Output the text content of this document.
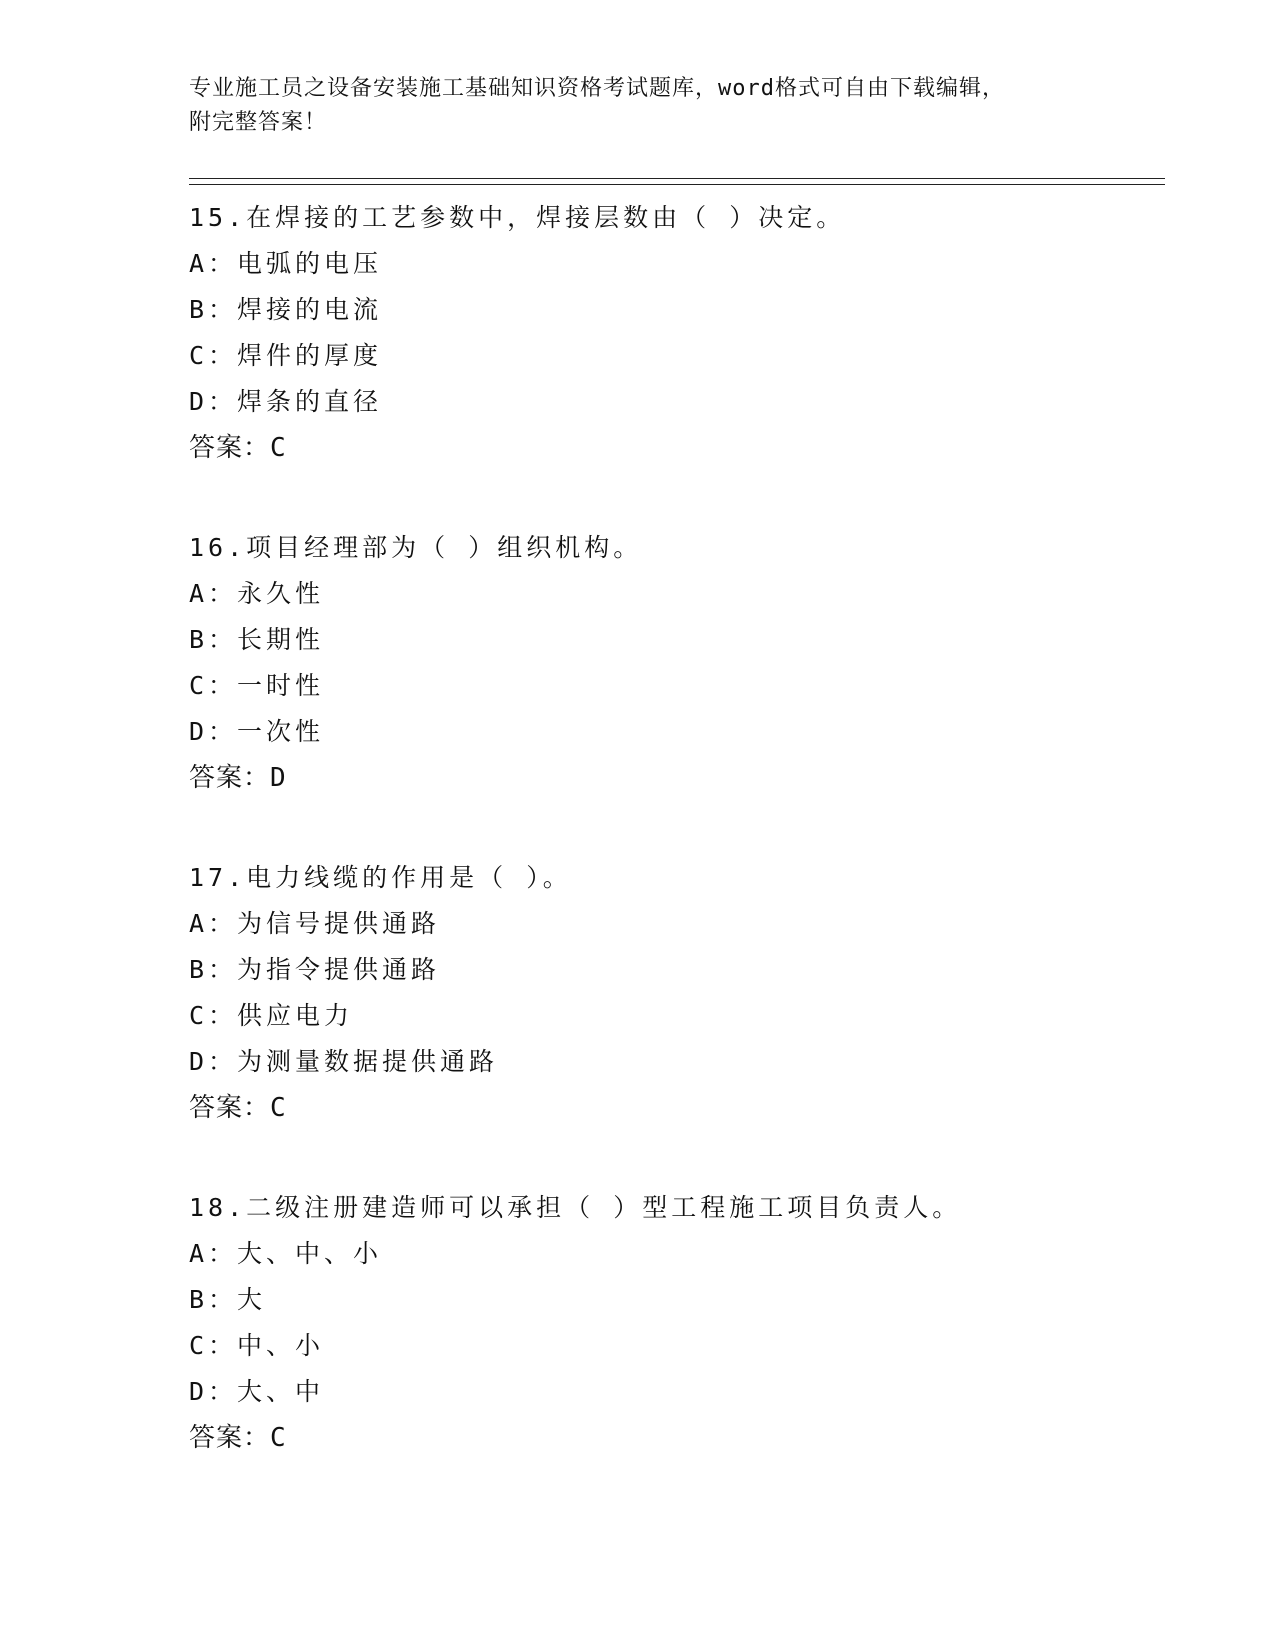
专业施工员之设备安装施工基础知识资格考试题库，word格式可自由下载编辑，
附完整答案！
15.在焊接的工艺参数中，焊接层数由（ ）决定。
A：电弧的电压
B：焊接的电流
C：焊件的厚度
D：焊条的直径
答案：C
16.项目经理部为（ ）组织机构。
A：永久性
B：长期性
C：一时性
D：一次性
答案：D
17.电力线缆的作用是（ ）。
A：为信号提供通路
B：为指令提供通路
C：供应电力
D：为测量数据提供通路
答案：C
18.二级注册建造师可以承担（ ）型工程施工项目负责人。
A：大、中、小
B：大
C：中、小
D：大、中
答案：C
